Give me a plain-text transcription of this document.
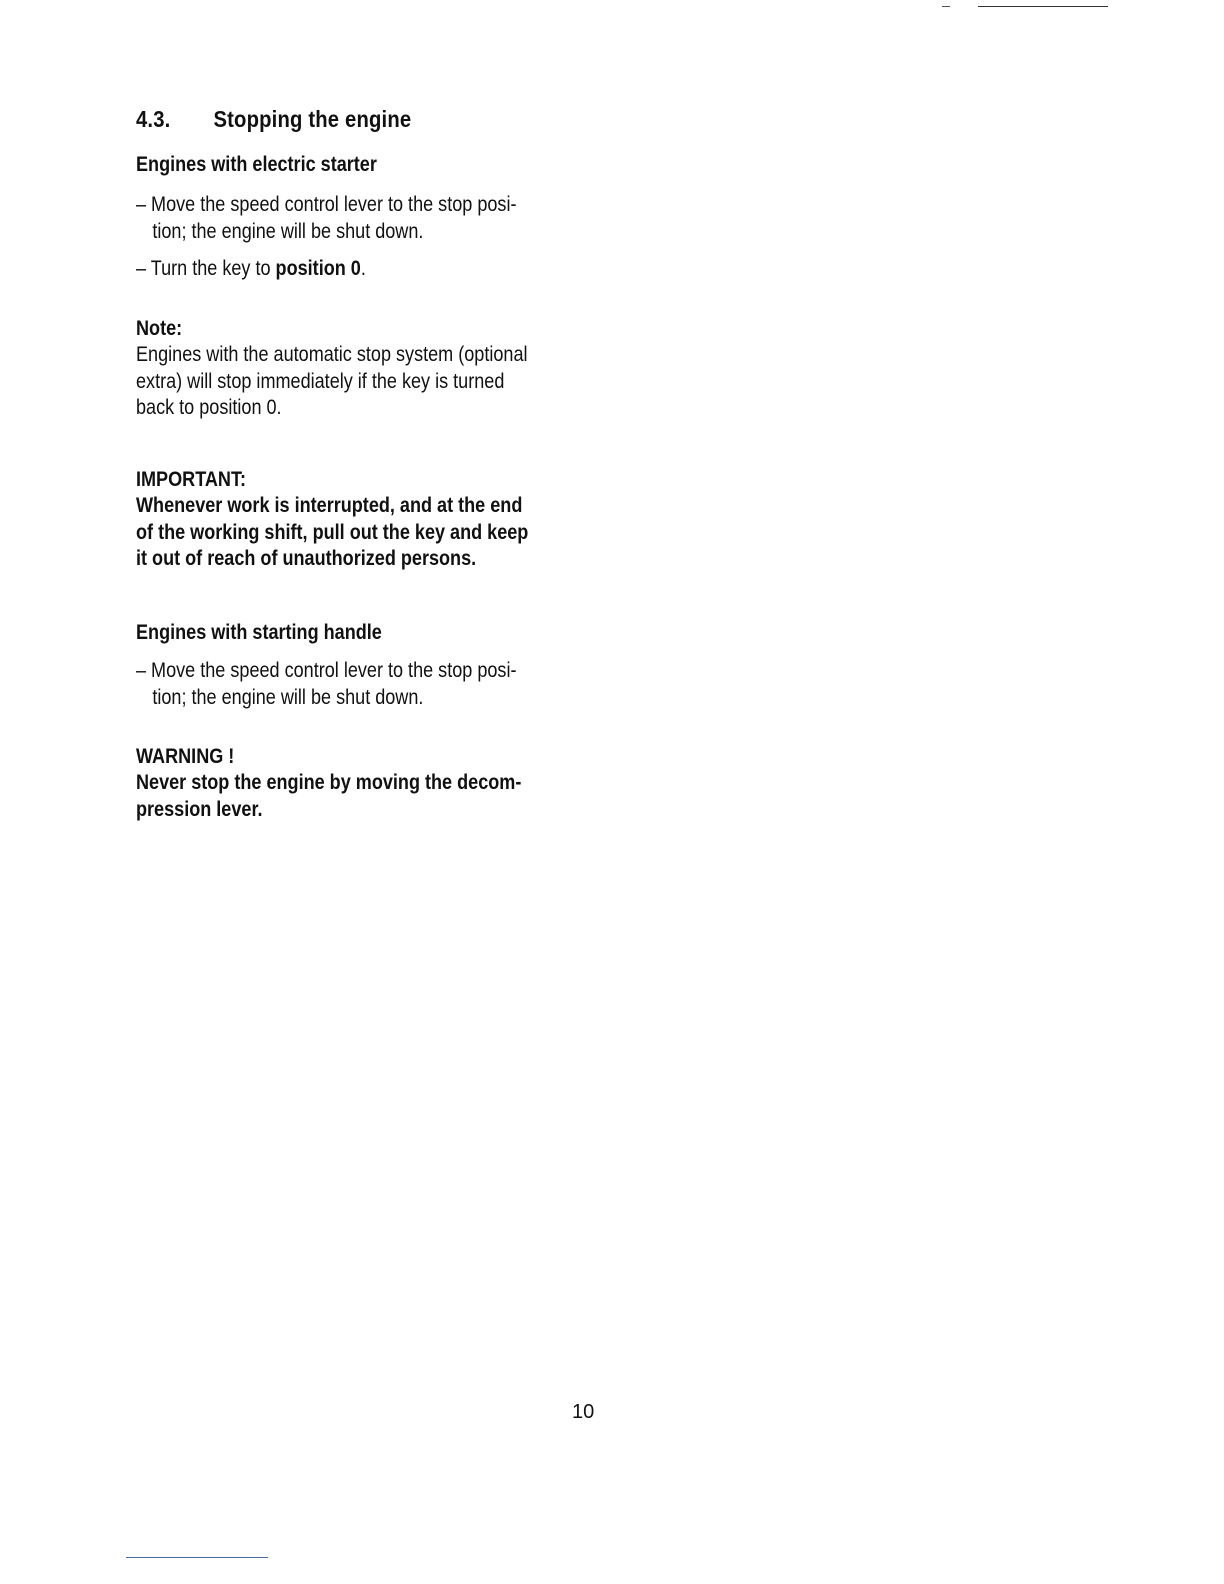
4.3. Stopping the engine
Engines with electric starter
– Move the speed control lever to the stop posi-
tion; the engine will be shut down.
– Turn the key to position 0.
Note:
Engines with the automatic stop system (optional
extra) will stop immediately if the key is turned
back to position 0.
IMPORTANT:
Whenever work is interrupted, and at the end
of the working shift, pull out the key and keep
it out of reach of unauthorized persons.
Engines with starting handle
– Move the speed control lever to the stop posi-
tion; the engine will be shut down.
WARNING !
Never stop the engine by moving the decom-
pression lever.
10
